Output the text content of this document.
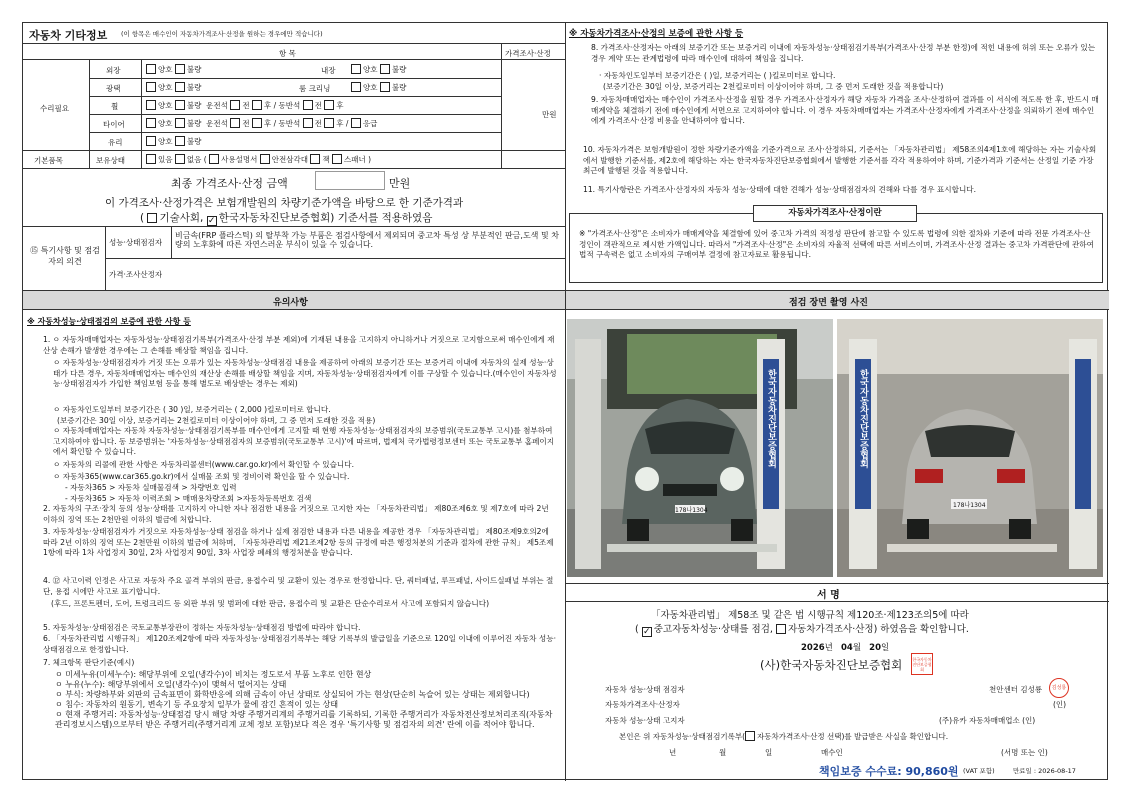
자동차 기타정보 (이 항목은 매수인이 자동차가격조사·산정을 원하는 경우에만 적습니다)
항 목	가격조사·산정
수리필요
기본품목
만원
외장	양호 불량	내장	양호 불량
광택	양호 불량	룸 크리닝	양호 불량
휠	양호 불량 운전석 전 후 / 동반석 전 후
타이어	양호 불량 운전석 전 후 / 동반석 전 후 / 응급
유리	양호 불량
보유상태	있음 없음 ( 사용설명서 안전삼각대 잭 스패너 )
최종 가격조사·산정 금액	만원
이 가격조사·산정가격은 보험개발원의 차량기준가액을 바탕으로 한 기준가격과
( 기술사회, ✓ 한국자동차진단보증협회) 기준서를 적용하였음
⑮ 특기사항 및 점검자의 의견
성능·상태점검자
비금속(FRP 플라스틱) 의 탈부착 가능 부품은 점검사항에서 제외되며 중고차 특성 상 부분적인 판금,도색 및 차량의 노후화에 따른 자연스러운 부식이 있을 수 있습니다.
가격·조사산정자
※ 자동차가격조사·산정의 보증에 관한 사항 등
8. 가격조사·산정자는 아래의 보증기간 또는 보증거리 이내에 자동차성능·상태점검기록부(가격조사·산정 부분 한정)에 적힌 내용에 허위 또는 오류가 있는 경우 계약 또는 관계법령에 따라 매수인에 대하여 책임을 집니다.
· 자동차인도일부터 보증기간은 ( )일, 보증거리는 ( )킬로미터로 합니다.
(보증기간은 30일 이상, 보증거리는 2천킬로미터 이상이어야 하며, 그 중 먼저 도래한 것을 적용합니다)
9. 자동차매매업자는 매수인이 가격조사·산정을 원할 경우 가격조사·산정자가 해당 자동차 가격을 조사·산정하여 결과를 이 서식에 적도록 한 후, 반드시 매매계약을 체결하기 전에 매수인에게 서면으로 고지하여야 합니다. 이 경우 자동차매매업자는 가격조사·산정자에게 가격조사·산정을 의뢰하기 전에 매수인에게 가격조사·산정 비용을 안내하여야 합니다.
10. 자동차가격은 보험개발원이 정한 차량기준가액을 기준가격으로 조사·산정하되, 기준서는 「자동차관리법」 제58조의4제1호에 해당하는 자는 기술사회에서 발행한 기준서를, 제2호에 해당하는 자는 한국자동차진단보증협회에서 발행한 기준서를 각각 적용하여야 하며, 기준가격과 기준서는 산정일 기준 가장 최근에 발행된 것을 적용합니다.
11. 특기사항란은 가격조사·산정자의 자동차 성능·상태에 대한 견해가 성능·상태점검자의 견해와 다를 경우 표시합니다.
자동차가격조사·산정이란
※ "가격조사·산정"은 소비자가 매매계약을 체결함에 있어 중고차 가격의 적정성 판단에 참고할 수 있도록 법령에 의한 절차와 기준에 따라 전문 가격조사·산정인이 객관적으로 제시한 가액입니다. 따라서 "가격조사·산정"은 소비자의 자율적 선택에 따른 서비스이며, 가격조사·산정 결과는 중고차 가격판단에 관하여 법적 구속력은 없고 소비자의 구매여부 결정에 참고자료로 활용됩니다.
유의사항	점검 장면 촬영 사진
※ 자동차성능·상태점검의 보증에 관한 사항 등
1. ㅇ 자동차매매업자는 자동차성능·상태점검기록부(가격조사·산정 부분 제외)에 기재된 내용을 고지하지 아니하거나 거짓으로 고지함으로써 매수인에게 재산상 손해가 발생한 경우에는 그 손해를 배상할 책임을 집니다.
ㅇ 자동차성능·상태점검자가 거짓 또는 오류가 있는 자동차성능·상태점검 내용을 제공하여 아래의 보증기간 또는 보증거리 이내에 자동차의 실제 성능·상태가 다른 경우, 자동차매매업자는 매수인의 재산상 손해를 배상할 책임을 지며, 자동차성능·상태점검자에게 이를 구상할 수 있습니다.(매수인이 자동차성능·상태점검자가 가입한 책임보험 등을 통해 별도로 배상받는 경우는 제외)
ㅇ 자동차인도일부터 보증기간은 ( 30 )일, 보증거리는 ( 2,000 )킬로미터로 합니다.
(보증기간은 30일 이상, 보증거리는 2천킬로미터 이상이어야 하며, 그 중 먼저 도래한 것을 적용)
ㅇ 자동차매매업자는 자동차 자동차성능·상태점검기록부를 매수인에게 고지할 때 현행 자동차성능·상태점검자의 보증범위(국토교통부 고시)를 첨부하여 고지하여야 합니다. 동 보증범위는 '자동차성능·상태점검자의 보증범위(국토교통부 고시)'에 따르며, 법제처 국가법령정보센터 또는 국토교통부 홈페이지에서 확인할 수 있습니다.
ㅇ 자동차의 리콜에 관한 사항은 자동차리콜센터(www.car.go.kr)에서 확인할 수 있습니다.
ㅇ 자동차365(www.car365.go.kr)에서 실매물 조회 및 정비이력 확인을 할 수 있습니다.
- 자동차365 > 자동차 실매물검색 > 차량번호 입력
- 자동차365 > 자동차 이력조회 > 매매용차량조회 >자동차등록번호 검색
2. 자동차의 구조·장치 등의 성능·상태를 고지하지 아니한 자나 점검한 내용을 거짓으로 고지한 자는 「자동차관리법」 제80조제6호 및 제7호에 따라 2년 이하의 징역 또는 2천만원 이하의 벌금에 처합니다.
3. 자동차성능·상태점검자가 거짓으로 자동차성능·상태 점검을 하거나 실제 점검한 내용과 다른 내용을 제공한 경우 「자동차관리법」 제80조제9호의2에 따라 2년 이하의 징역 또는 2천만원 이하의 벌금에 처하며, 「자동차관리법 제21조제2항 등의 규정에 따른 행정처분의 기준과 절차에 관한 규칙」 제5조제1항에 따라 1차 사업정지 30일, 2차 사업정지 90일, 3차 사업장 폐쇄의 행정처분을 받습니다.
4. ⑫ 사고이력 인정은 사고로 자동차 주요 골격 부위의 판금, 용접수리 및 교환이 있는 경우로 한정합니다. 단, 쿼터패널, 루프패널, 사이드실패널 부위는 절단, 용접 시에만 사고로 표기합니다.
(후드, 프론트펜더, 도어, 트렁크리드 등 외판 부위 및 범퍼에 대한 판금, 용접수리 및 교환은 단순수리로서 사고에 포함되지 않습니다)
5. 자동차성능·상태점검은 국토교통부장관이 정하는 자동차성능·상태점검 방법에 따라야 합니다.
6. 「자동차관리법 시행규칙」 제120조제2항에 따라 자동차성능·상태점검기록부는 해당 기록부의 발급일을 기준으로 120일 이내에 이루어진 자동차 성능·상태점검으로 한정합니다.
7. 체크항목 판단기준(예시)
ㅇ 미세누유(미세누수): 해당부위에 오일(냉각수)이 비치는 정도로서 부품 노후로 인한 현상
ㅇ 누유(누수): 해당부위에서 오일(냉각수)이 맺혀서 떨어지는 상태
ㅇ 부식: 차량하부와 외판의 금속표면이 화학반응에 의해 금속이 아닌 상태로 상실되어 가는 현상(단순히 녹슬어 있는 상태는 제외합니다)
ㅇ 침수: 자동차의 원동기, 변속기 등 주요장치 일부가 물에 잠긴 흔적이 있는 상태
ㅇ 현재 주행거리: 자동차성능·상태점검 당시 해당 차량 주행거리계의 주행거리를 기록하되, 기록한 주행거리가 자동차전산정보처리조직(자동차관리정보시스템)으로부터 받은 주행거리(주행거리계 교체 정보 포함)보다 적은 경우 '특기사항 및 점검자의 의견' 란에 이를 적어야 합니다.
한국자동차진단보증협회
178나1304
한국자동차진단보증협회
178나1304
서 명
「자동차관리법」 제58조 및 같은 법 시행규칙 제120조·제123조의5에 따라
( ✓중고자동차성능·상태를 점검, 자동차가격조사·산정) 하였음을 확인합니다.
2026년 04월 20일
(사)한국자동차진단보증협회	한국자동차진단보증협회
자동차 성능·상태 점검자	천안센터 김성룡 김성룡
자동차가격조사·산정자	(인)
자동차 성능·상태 고지자	(주)유카 자동차매매업소 (인)
본인은 위 자동차성능·상태점검기록부( 자동차가격조사·산정 선택)를 발급받은 사실을 확인합니다.
년	월	일	매수인	(서명 또는 인)
책임보증 수수료: 90,860원 (VAT 포함)	만료일 : 2026-08-17
